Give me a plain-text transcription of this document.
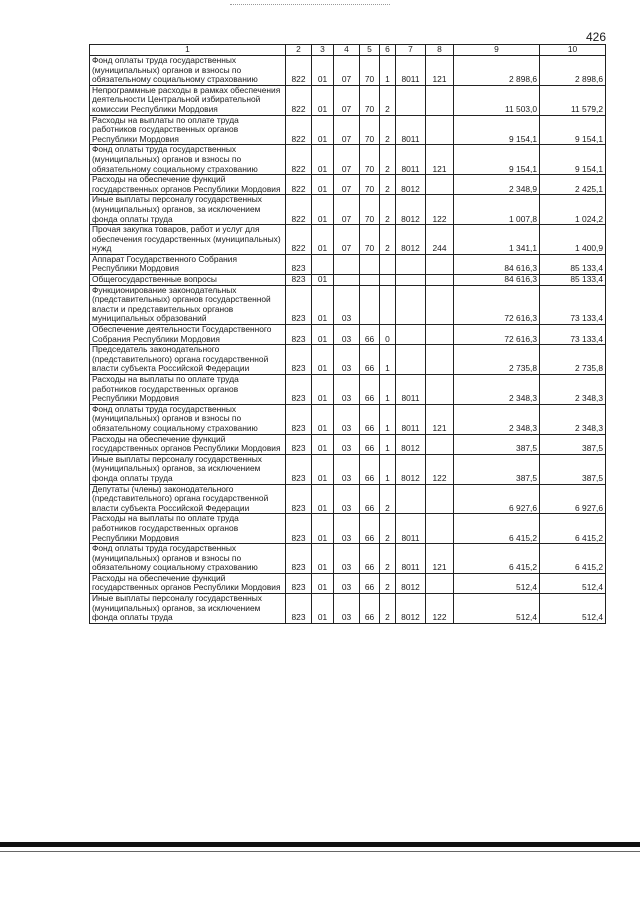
426
1	2	3	4	5	6	7	8	9	10
Фонд оплаты труда государственных (муниципальных) органов и взносы по обязательному социальному страхованию	822	01	07	70	1	8011	121	2 898,6	2 898,6
Непрограммные расходы в рамках обеспечения деятельности Центральной избирательной комиссии Республики Мордовия	822	01	07	70	2			11 503,0	11 579,2
Расходы на выплаты по оплате труда работников государственных органов Республики Мордовия	822	01	07	70	2	8011		9 154,1	9 154,1
Фонд оплаты труда государственных (муниципальных) органов и взносы по обязательному социальному страхованию	822	01	07	70	2	8011	121	9 154,1	9 154,1
Расходы на обеспечение функций государственных органов Республики Мордовия	822	01	07	70	2	8012		2 348,9	2 425,1
Иные выплаты персоналу государственных (муниципальных) органов, за исключением фонда оплаты труда	822	01	07	70	2	8012	122	1 007,8	1 024,2
Прочая закупка товаров, работ и услуг для обеспечения государственных (муниципальных) нужд	822	01	07	70	2	8012	244	1 341,1	1 400,9
Аппарат Государственного Собрания Республики Мордовия	823							84 616,3	85 133,4
Общегосударственные вопросы	823	01						84 616,3	85 133,4
Функционирование законодательных (представительных) органов государственной власти и представительных органов муниципальных образований	823	01	03					72 616,3	73 133,4
Обеспечение деятельности Государственного Собрания Республики Мордовия	823	01	03	66	0			72 616,3	73 133,4
Председатель законодательного (представительного) органа государственной власти субъекта Российской Федерации	823	01	03	66	1			2 735,8	2 735,8
Расходы на выплаты по оплате труда работников государственных органов Республики Мордовия	823	01	03	66	1	8011		2 348,3	2 348,3
Фонд оплаты труда государственных (муниципальных) органов и взносы по обязательному социальному страхованию	823	01	03	66	1	8011	121	2 348,3	2 348,3
Расходы на обеспечение функций государственных органов Республики Мордовия	823	01	03	66	1	8012		387,5	387,5
Иные выплаты персоналу государственных (муниципальных) органов, за исключением фонда оплаты труда	823	01	03	66	1	8012	122	387,5	387,5
Депутаты (члены) законодательного (представительного) органа государственной власти субъекта Российской Федерации	823	01	03	66	2			6 927,6	6 927,6
Расходы на выплаты по оплате труда работников государственных органов Республики Мордовия	823	01	03	66	2	8011		6 415,2	6 415,2
Фонд оплаты труда государственных (муниципальных) органов и взносы по обязательному социальному страхованию	823	01	03	66	2	8011	121	6 415,2	6 415,2
Расходы на обеспечение функций государственных органов Республики Мордовия	823	01	03	66	2	8012		512,4	512,4
Иные выплаты персоналу государственных (муниципальных) органов, за исключением фонда оплаты труда	823	01	03	66	2	8012	122	512,4	512,4
